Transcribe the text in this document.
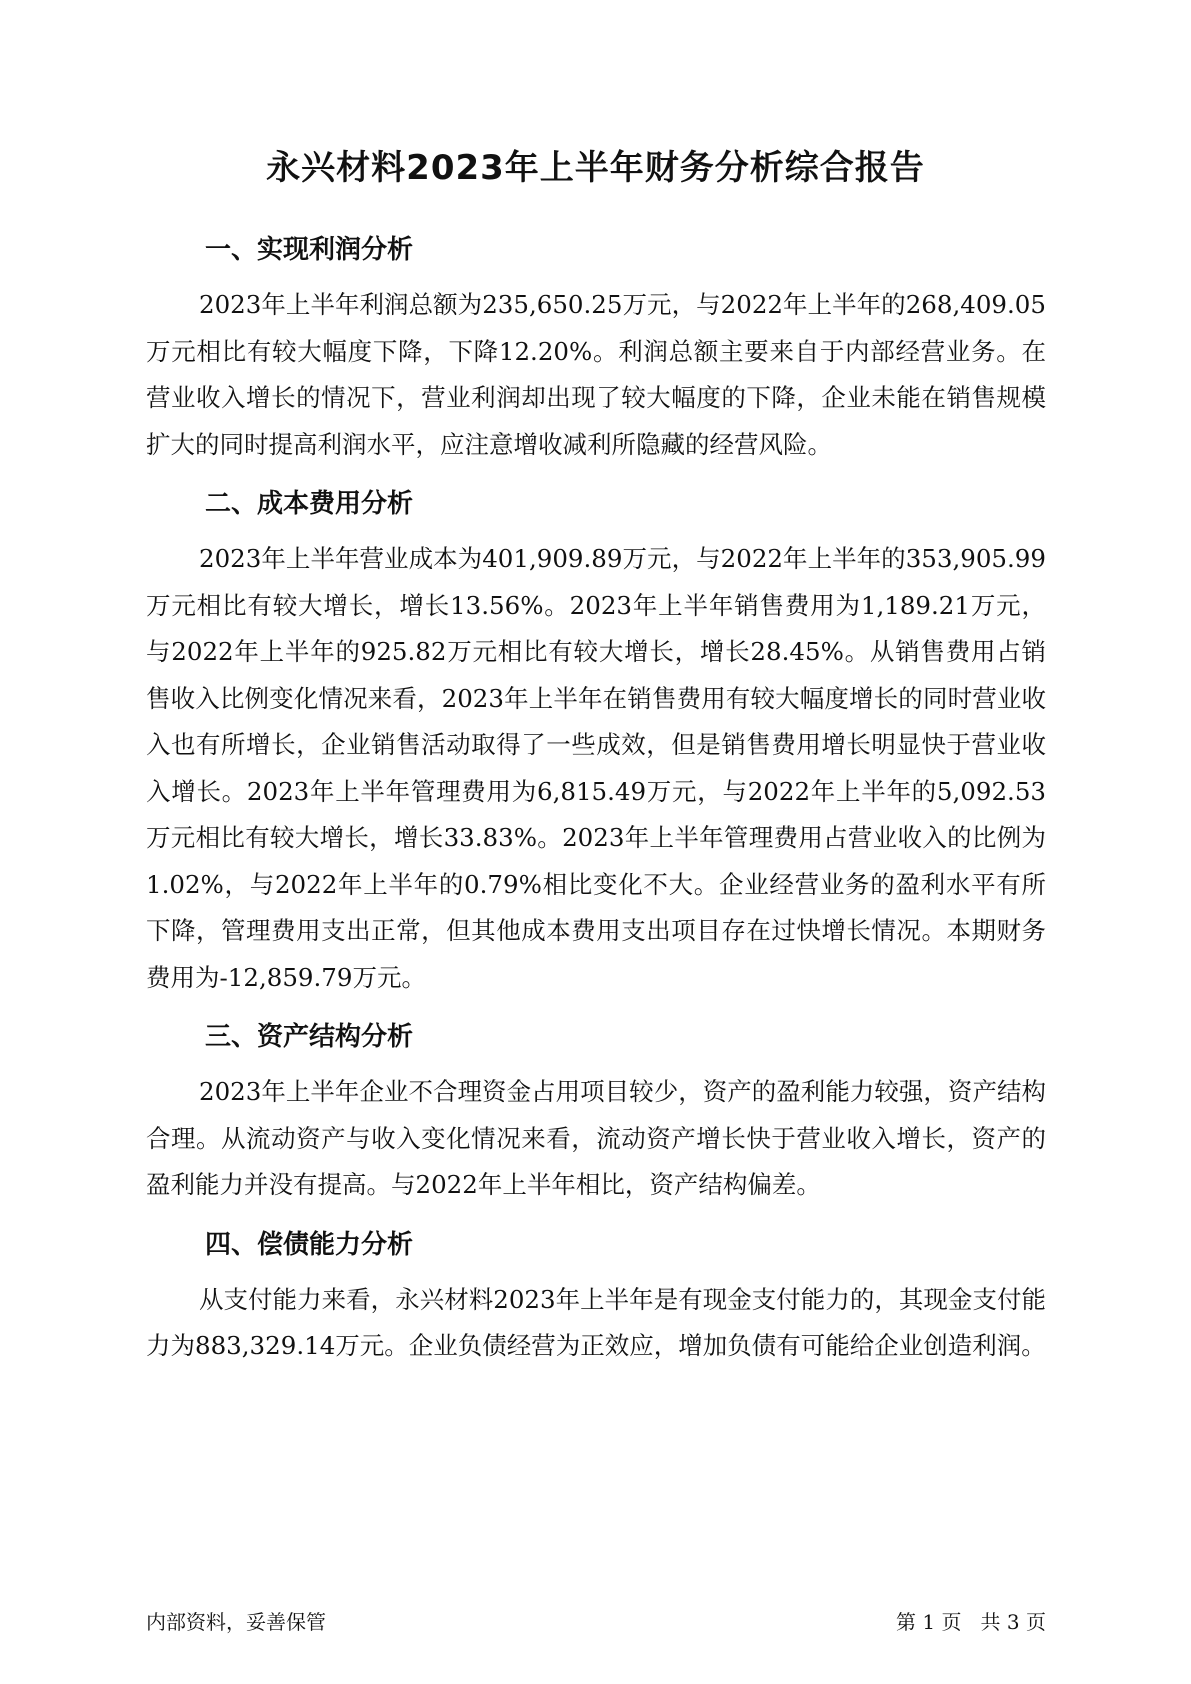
永兴材料2023年上半年财务分析综合报告
一、实现利润分析

2023年上半年利润总额为235,650.25万元，与2022年上半年的268,409.05万元相比有较大幅度下降，下降12.20%。利润总额主要来自于内部经营业务。在营业收入增长的情况下，营业利润却出现了较大幅度的下降，企业未能在销售规模扩大的同时提高利润水平，应注意增收减利所隐藏的经营风险。

二、成本费用分析

2023年上半年营业成本为401,909.89万元，与2022年上半年的353,905.99万元相比有较大增长，增长13.56%。2023年上半年销售费用为1,189.21万元，与2022年上半年的925.82万元相比有较大增长，增长28.45%。从销售费用占销售收入比例变化情况来看，2023年上半年在销售费用有较大幅度增长的同时营业收入也有所增长，企业销售活动取得了一些成效，但是销售费用增长明显快于营业收入增长。2023年上半年管理费用为6,815.49万元，与2022年上半年的5,092.53万元相比有较大增长，增长33.83%。2023年上半年管理费用占营业收入的比例为1.02%，与2022年上半年的0.79%相比变化不大。企业经营业务的盈利水平有所下降，管理费用支出正常，但其他成本费用支出项目存在过快增长情况。本期财务费用为-12,859.79万元。

三、资产结构分析

2023年上半年企业不合理资金占用项目较少，资产的盈利能力较强，资产结构合理。从流动资产与收入变化情况来看，流动资产增长快于营业收入增长，资产的盈利能力并没有提高。与2022年上半年相比，资产结构偏差。

四、偿债能力分析

从支付能力来看，永兴材料2023年上半年是有现金支付能力的，其现金支付能力为883,329.14万元。企业负债经营为正效应，增加负债有可能给企业创造利润。

内部资料，妥善保管	第 1 页   共 3 页
